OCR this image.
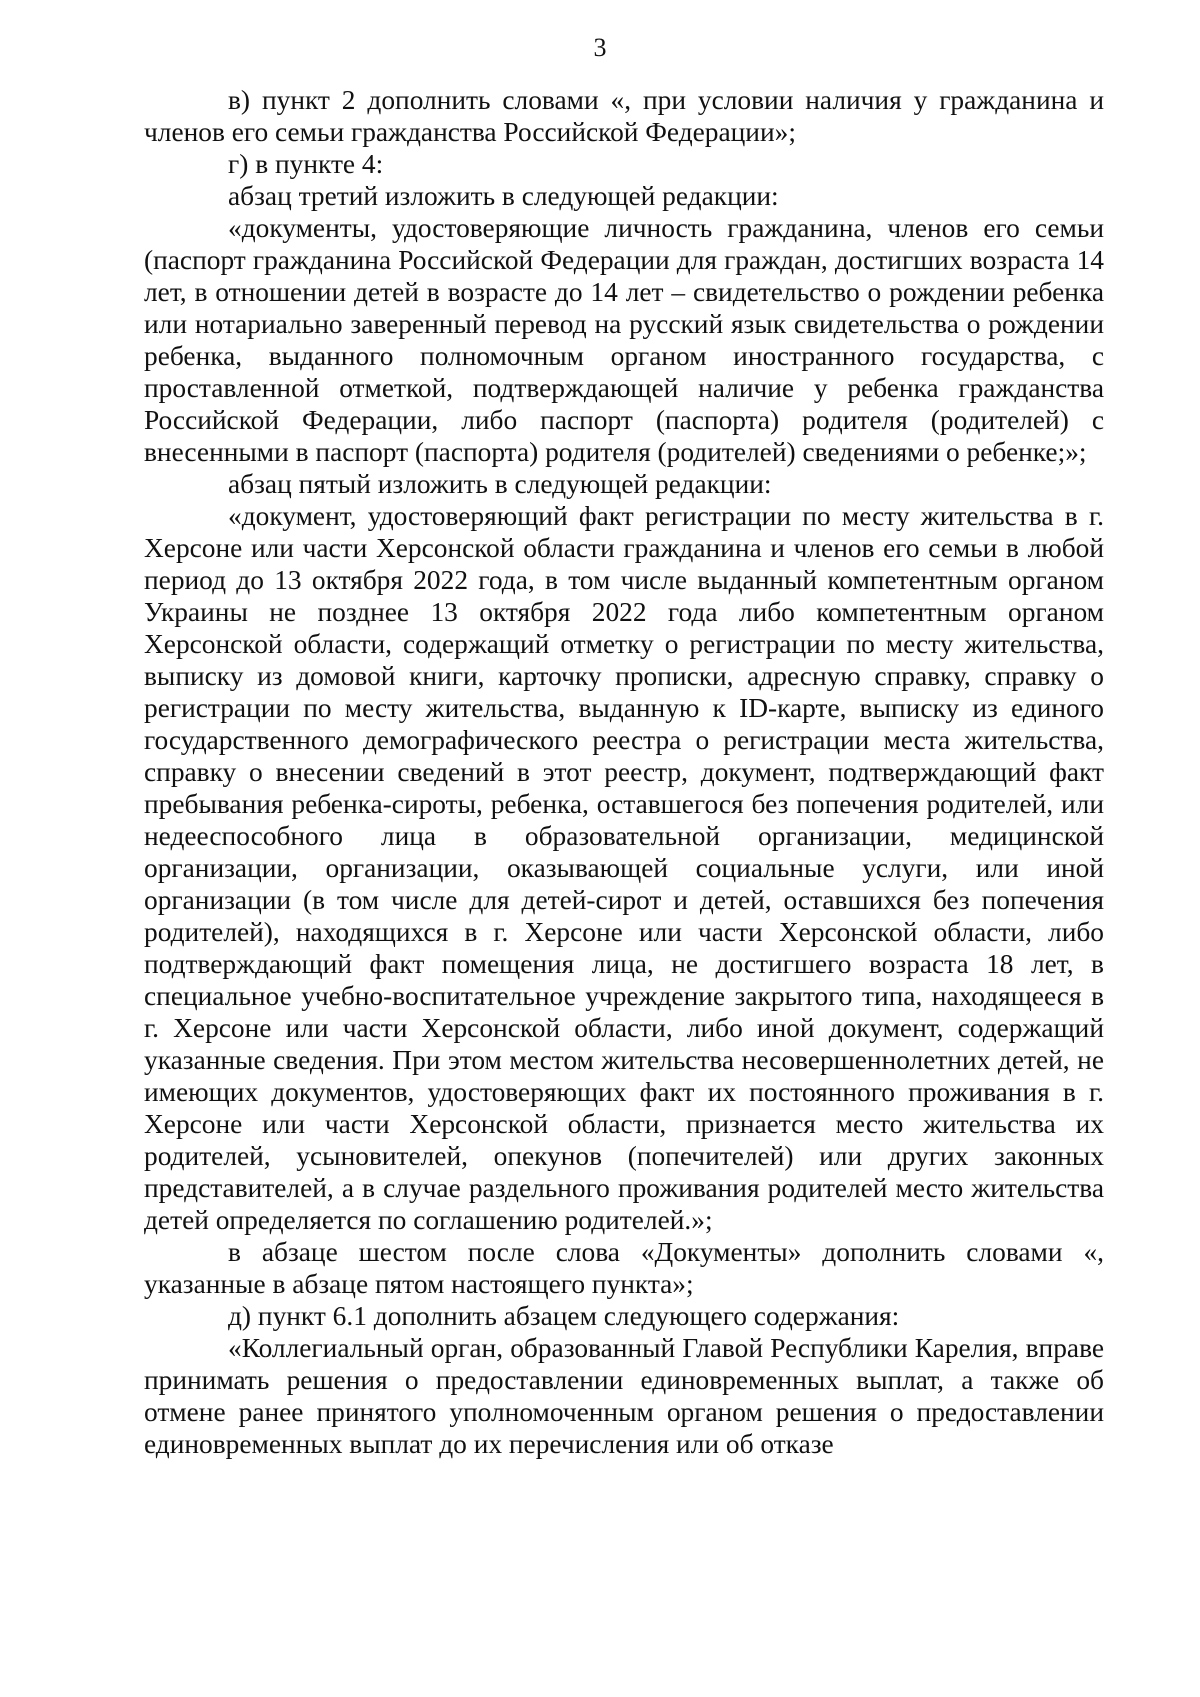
3

в) пункт 2 дополнить словами «, при условии наличия у гражданина и членов его семьи гражданства Российской Федерации»;

г) в пункте 4:

абзац третий изложить в следующей редакции:

«документы, удостоверяющие личность гражданина, членов его семьи (паспорт гражданина Российской Федерации для граждан, достигших возраста 14 лет, в отношении детей в возрасте до 14 лет – свидетельство о рождении ребенка или нотариально заверенный перевод на русский язык свидетельства о рождении ребенка, выданного полномочным органом иностранного государства, с проставленной отметкой, подтверждающей наличие у ребенка гражданства Российской Федерации, либо паспорт (паспорта) родителя (родителей) с внесенными в паспорт (паспорта) родителя (родителей) сведениями о ребенке;»;

абзац пятый изложить в следующей редакции:

«документ, удостоверяющий факт регистрации по месту жительства в г. Херсоне или части Херсонской области гражданина и членов его семьи в любой период до 13 октября 2022 года, в том числе выданный компетентным органом Украины не позднее 13 октября 2022 года либо компетентным органом Херсонской области, содержащий отметку о регистрации по месту жительства, выписку из домовой книги, карточку прописки, адресную справку, справку о регистрации по месту жительства, выданную к ID-карте, выписку из единого государственного демографического реестра о регистрации места жительства, справку о внесении сведений в этот реестр, документ, подтверждающий факт пребывания ребенка-сироты, ребенка, оставшегося без попечения родителей, или недееспособного лица в образовательной организации, медицинской организации, организации, оказывающей социальные услуги, или иной организации (в том числе для детей-сирот и детей, оставшихся без попечения родителей), находящихся в г. Херсоне или части Херсонской области, либо подтверждающий факт помещения лица, не достигшего возраста 18 лет, в специальное учебно-воспитательное учреждение закрытого типа, находящееся в г. Херсоне или части Херсонской области, либо иной документ, содержащий указанные сведения. При этом местом жительства несовершеннолетних детей, не имеющих документов, удостоверяющих факт их постоянного проживания в г. Херсоне или части Херсонской области, признается место жительства их родителей, усыновителей, опекунов (попечителей) или других законных представителей, а в случае раздельного проживания родителей место жительства детей определяется по соглашению родителей.»;

в абзаце шестом после слова «Документы» дополнить словами «, указанные в абзаце пятом настоящего пункта»;

д) пункт 6.1 дополнить абзацем следующего содержания:

«Коллегиальный орган, образованный Главой Республики Карелия, вправе принимать решения о предоставлении единовременных выплат, а также об отмене ранее принятого уполномоченным органом решения о предоставлении единовременных выплат до их перечисления или об отказе
